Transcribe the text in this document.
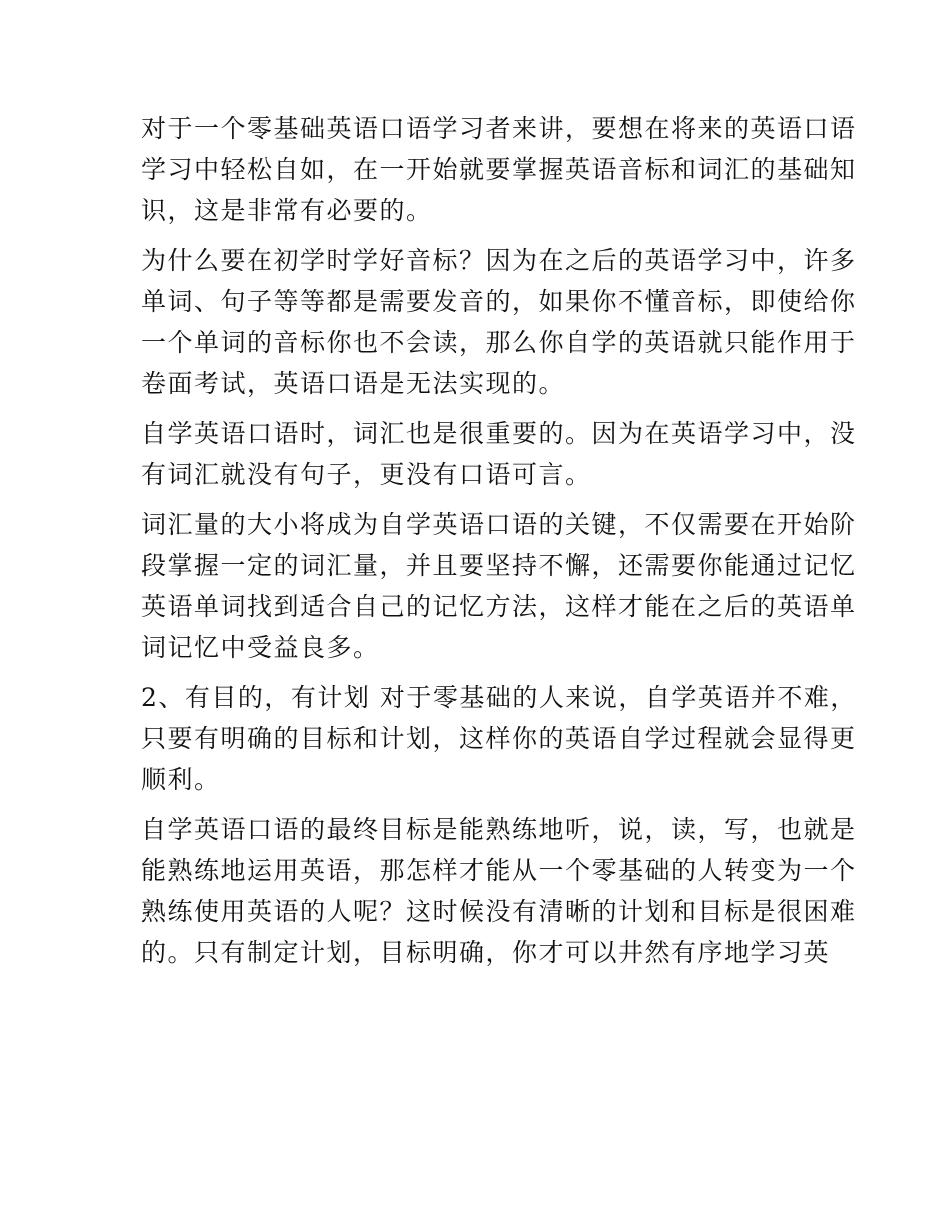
对于一个零基础英语口语学习者来讲，要想在将来的英语口语
学习中轻松自如，在一开始就要掌握英语音标和词汇的基础知
识，这是非常有必要的。

为什么要在初学时学好音标？因为在之后的英语学习中，许多
单词、句子等等都是需要发音的，如果你不懂音标，即使给你
一个单词的音标你也不会读，那么你自学的英语就只能作用于
卷面考试，英语口语是无法实现的。

自学英语口语时，词汇也是很重要的。因为在英语学习中，没
有词汇就没有句子，更没有口语可言。

词汇量的大小将成为自学英语口语的关键，不仅需要在开始阶
段掌握一定的词汇量，并且要坚持不懈，还需要你能通过记忆
英语单词找到适合自己的记忆方法，这样才能在之后的英语单
词记忆中受益良多。

2、有目的，有计划 对于零基础的人来说，自学英语并不难，
只要有明确的目标和计划，这样你的英语自学过程就会显得更
顺利。

自学英语口语的最终目标是能熟练地听，说，读，写，也就是
能熟练地运用英语，那怎样才能从一个零基础的人转变为一个
熟练使用英语的人呢？这时候没有清晰的计划和目标是很困难
的。只有制定计划，目标明确，你才可以井然有序地学习英
